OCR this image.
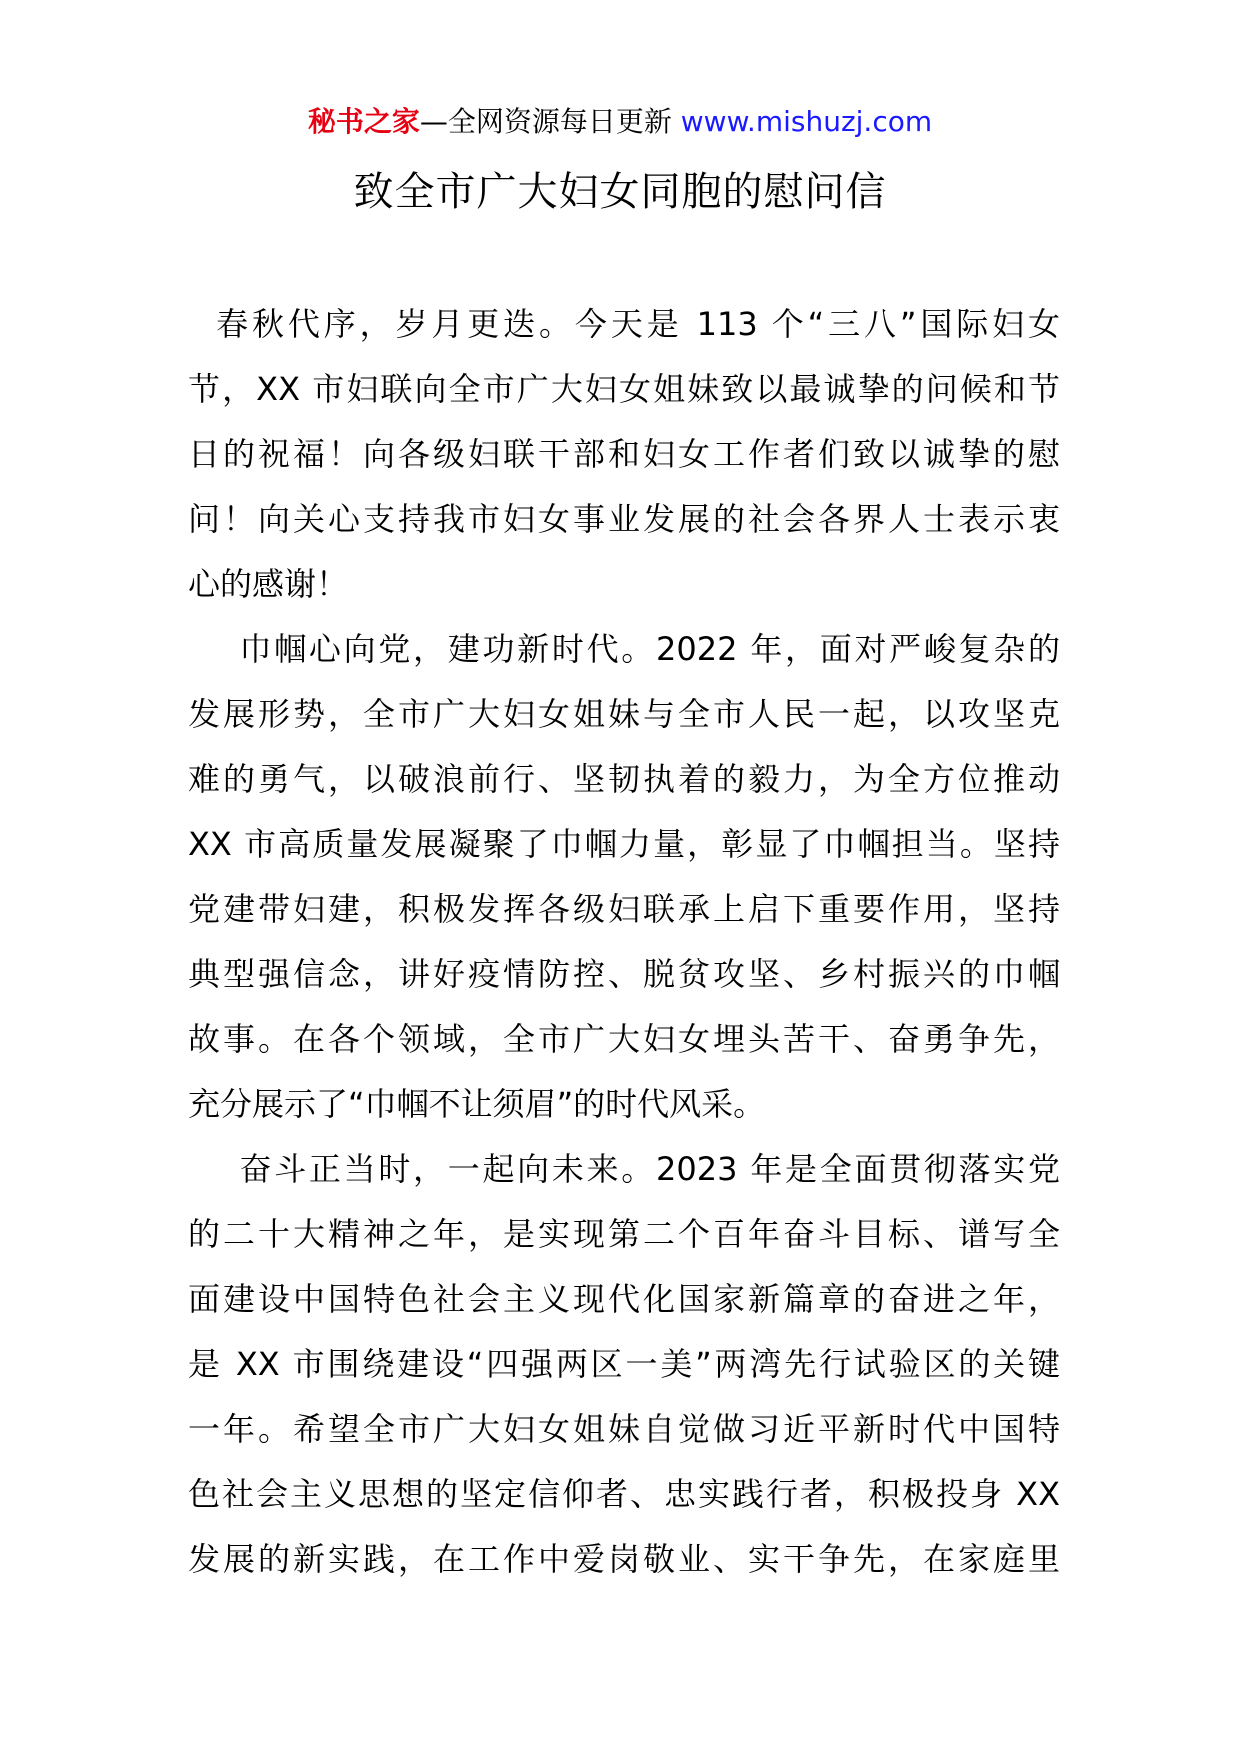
秘书之家—全网资源每日更新 www.mishuzj.com
致全市广大妇女同胞的慰问信
春秋代序，岁月更迭。今天是 113 个“三八”国际妇女
节，XX 市妇联向全市广大妇女姐妹致以最诚挚的问候和节
日的祝福！向各级妇联干部和妇女工作者们致以诚挚的慰
问！向关心支持我市妇女事业发展的社会各界人士表示衷
心的感谢！
巾帼心向党，建功新时代。2022 年，面对严峻复杂的
发展形势，全市广大妇女姐妹与全市人民一起，以攻坚克
难的勇气，以破浪前行、坚韧执着的毅力，为全方位推动
XX 市高质量发展凝聚了巾帼力量，彰显了巾帼担当。坚持
党建带妇建，积极发挥各级妇联承上启下重要作用，坚持
典型强信念，讲好疫情防控、脱贫攻坚、乡村振兴的巾帼
故事。在各个领域，全市广大妇女埋头苦干、奋勇争先，
充分展示了“巾帼不让须眉”的时代风采。
奋斗正当时，一起向未来。2023 年是全面贯彻落实党
的二十大精神之年，是实现第二个百年奋斗目标、谱写全
面建设中国特色社会主义现代化国家新篇章的奋进之年，
是 XX 市围绕建设“四强两区一美”两湾先行试验区的关键
一年。希望全市广大妇女姐妹自觉做习近平新时代中国特
色社会主义思想的坚定信仰者、忠实践行者，积极投身 XX
发展的新实践，在工作中爱岗敬业、实干争先，在家庭里
